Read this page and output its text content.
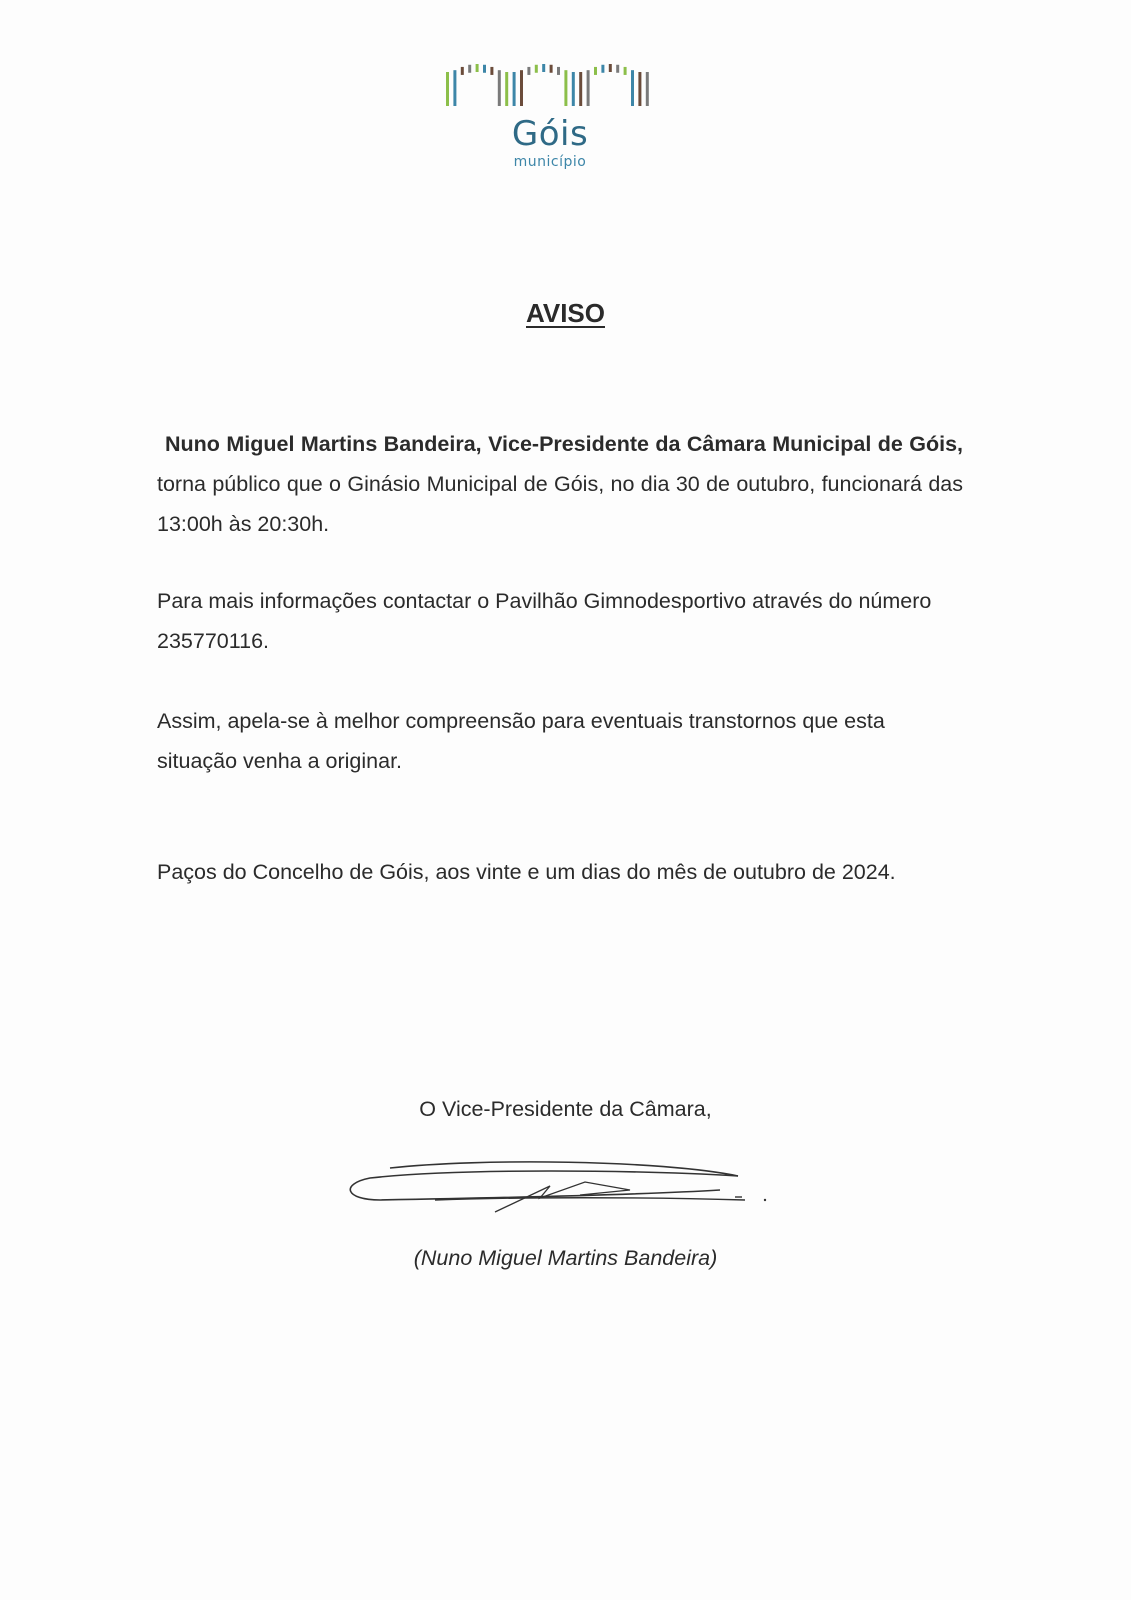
Góis
município
AVISO
Nuno Miguel Martins Bandeira, Vice-Presidente da Câmara Municipal de Góis, torna público que o Ginásio Municipal de Góis, no dia 30 de outubro, funcionará das 13:00h às 20:30h.
Para mais informações contactar o Pavilhão Gimnodesportivo através do número 235770116.
Assim, apela-se à melhor compreensão para eventuais transtornos que esta situação venha a originar.
Paços do Concelho de Góis, aos vinte e um dias do mês de outubro de 2024.
O Vice-Presidente da Câmara,
(Nuno Miguel Martins Bandeira)
